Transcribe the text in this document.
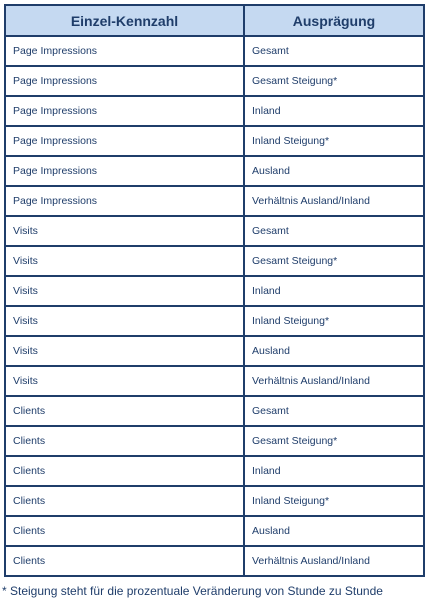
Einzel-Kennzahl	Ausprägung
Page Impressions	Gesamt
Page Impressions	Gesamt Steigung*
Page Impressions	Inland
Page Impressions	Inland Steigung*
Page Impressions	Ausland
Page Impressions	Verhältnis Ausland/Inland
Visits	Gesamt
Visits	Gesamt Steigung*
Visits	Inland
Visits	Inland Steigung*
Visits	Ausland
Visits	Verhältnis Ausland/Inland
Clients	Gesamt
Clients	Gesamt Steigung*
Clients	Inland
Clients	Inland Steigung*
Clients	Ausland
Clients	Verhältnis Ausland/Inland
* Steigung steht für die prozentuale Veränderung von Stunde zu Stunde
